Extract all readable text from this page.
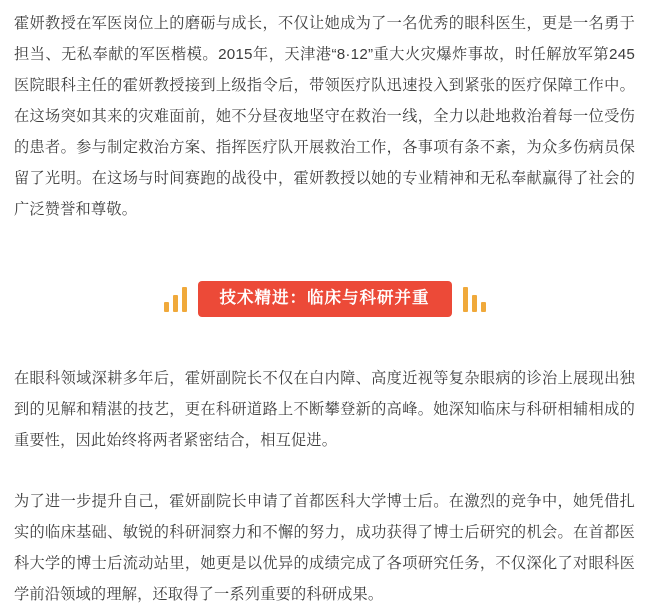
霍妍教授在军医岗位上的磨砺与成长，不仅让她成为了一名优秀的眼科医生，更是一名勇于担当、无私奉献的军医楷模。2015年，天津港“8·12”重大火灾爆炸事故，时任解放军第245医院眼科主任的霍妍教授接到上级指令后，带领医疗队迅速投入到紧张的医疗保障工作中。在这场突如其来的灾难面前，她不分昼夜地坚守在救治一线，全力以赴地救治着每一位受伤的患者。参与制定救治方案、指挥医疗队开展救治工作，各事项有条不紊，为众多伤病员保留了光明。在这场与时间赛跑的战役中，霍妍教授以她的专业精神和无私奉献赢得了社会的广泛赞誉和尊敬。

技术精进：临床与科研并重

在眼科领域深耕多年后，霍妍副院长不仅在白内障、高度近视等复杂眼病的诊治上展现出独到的见解和精湛的技艺，更在科研道路上不断攀登新的高峰。她深知临床与科研相辅相成的重要性，因此始终将两者紧密结合，相互促进。

为了进一步提升自己，霍妍副院长申请了首都医科大学博士后。在激烈的竞争中，她凭借扎实的临床基础、敏锐的科研洞察力和不懈的努力，成功获得了博士后研究的机会。在首都医科大学的博士后流动站里，她更是以优异的成绩完成了各项研究任务，不仅深化了对眼科医学前沿领域的理解，还取得了一系列重要的科研成果。
